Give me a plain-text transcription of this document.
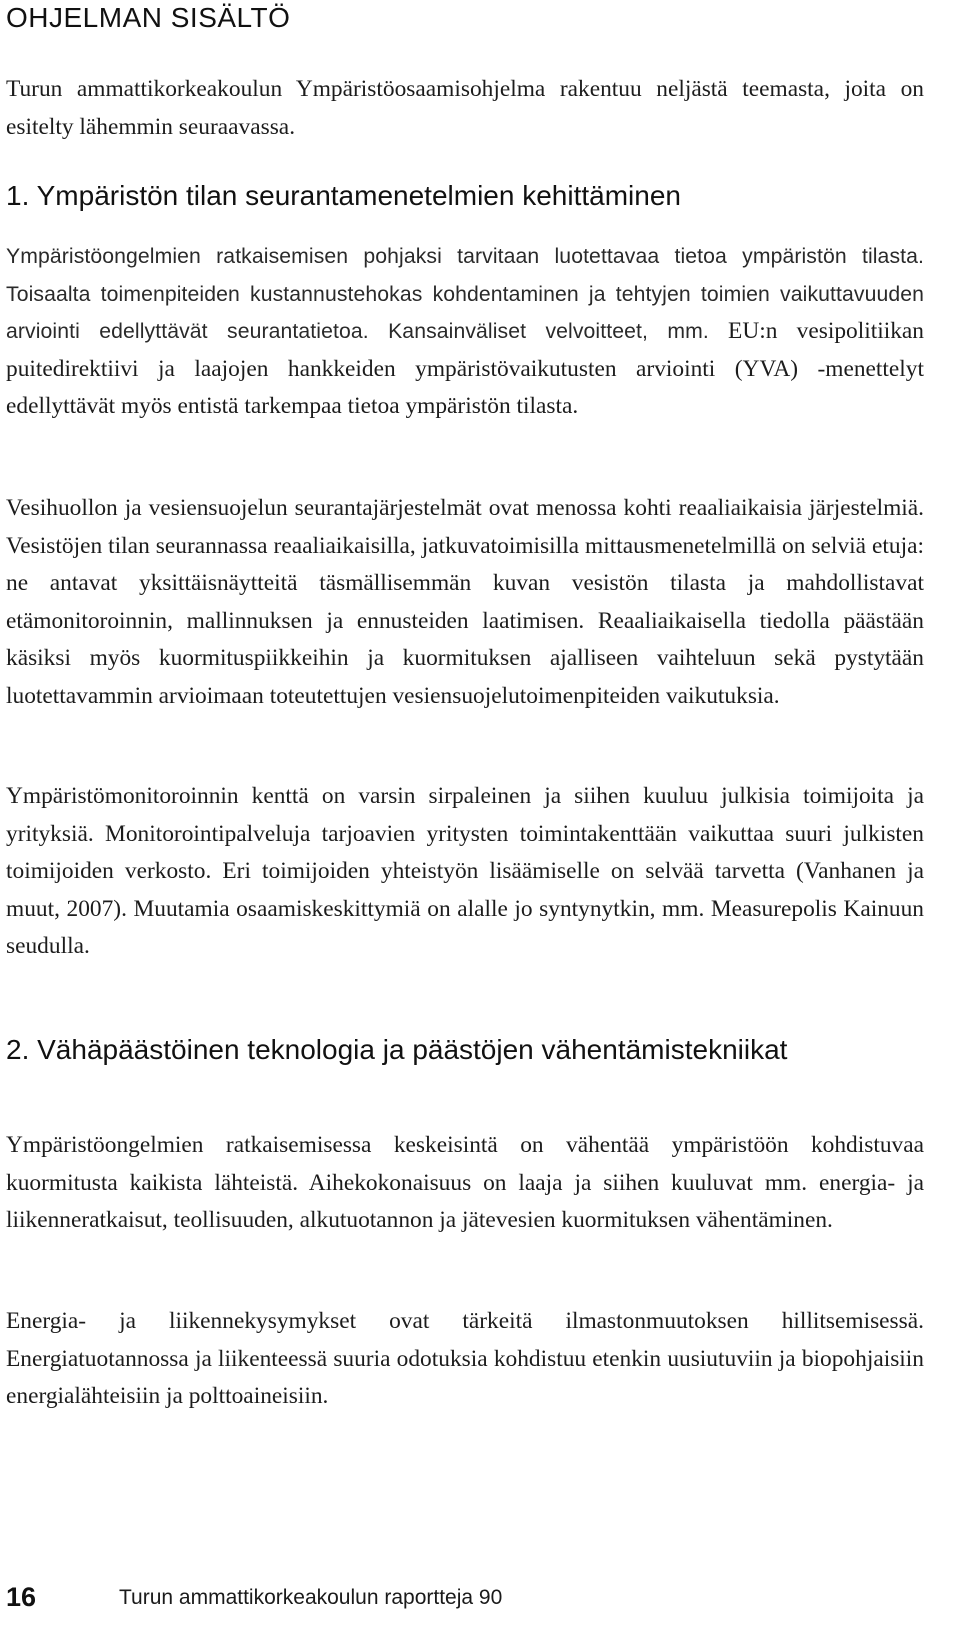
OHJELMAN SISÄLTÖ

Turun ammattikorkeakoulun Ympäristöosaamisohjelma rakentuu neljästä teemasta, joita on esitelty lähemmin seuraavassa.

1. Ympäristön tilan seurantamenetelmien kehittäminen

Ympäristöongelmien ratkaisemisen pohjaksi tarvitaan luotettavaa tietoa ympäristön tilasta. Toisaalta toimenpiteiden kustannustehokas kohdentaminen ja tehtyjen toimien vaikuttavuuden arviointi edellyttävät seurantatietoa. Kansainväliset velvoitteet, mm. EU:n vesipolitiikan puitedirektiivi ja laajojen hankkeiden ympäristövaikutusten arviointi (YVA) -menettelyt edellyttävät myös entistä tarkempaa tietoa ympäristön tilasta.

Vesihuollon ja vesiensuojelun seurantajärjestelmät ovat menossa kohti reaaliaikaisia järjestelmiä. Vesistöjen tilan seurannassa reaaliaikaisilla, jatkuvatoimisilla mittausmenetelmillä on selviä etuja: ne antavat yksittäisnäytteitä täsmällisemmän kuvan vesistön tilasta ja mahdollistavat etämonitoroinnin, mallinnuksen ja ennusteiden laatimisen. Reaaliaikaisella tiedolla päästään käsiksi myös kuormituspiikkeihin ja kuormituksen ajalliseen vaihteluun sekä pystytään luotettavammin arvioimaan toteutettujen vesiensuojelutoimenpiteiden vaikutuksia.

Ympäristömonitoroinnin kenttä on varsin sirpaleinen ja siihen kuuluu julkisia toimijoita ja yrityksiä. Monitorointipalveluja tarjoavien yritysten toimintakenttään vaikuttaa suuri julkisten toimijoiden verkosto. Eri toimijoiden yhteistyön lisäämiselle on selvää tarvetta (Vanhanen ja muut, 2007). Muutamia osaamiskeskittymiä on alalle jo syntynytkin, mm. Measurepolis Kainuun seudulla.

2. Vähäpäästöinen teknologia ja päästöjen vähentämistekniikat

Ympäristöongelmien ratkaisemisessa keskeisintä on vähentää ympäristöön kohdistuvaa kuormitusta kaikista lähteistä. Aihekokonaisuus on laaja ja siihen kuuluvat mm. energia- ja liikenneratkaisut, teollisuuden, alkutuotannon ja jätevesien kuormituksen vähentäminen.

Energia- ja liikennekysymykset ovat tärkeitä ilmastonmuutoksen hillitsemisessä. Energiatuotannossa ja liikenteessä suuria odotuksia kohdistuu etenkin uusiutuviin ja biopohjaisiin energialähteisiin ja polttoaineisiin.

16	Turun ammattikorkeakoulun raportteja 90
